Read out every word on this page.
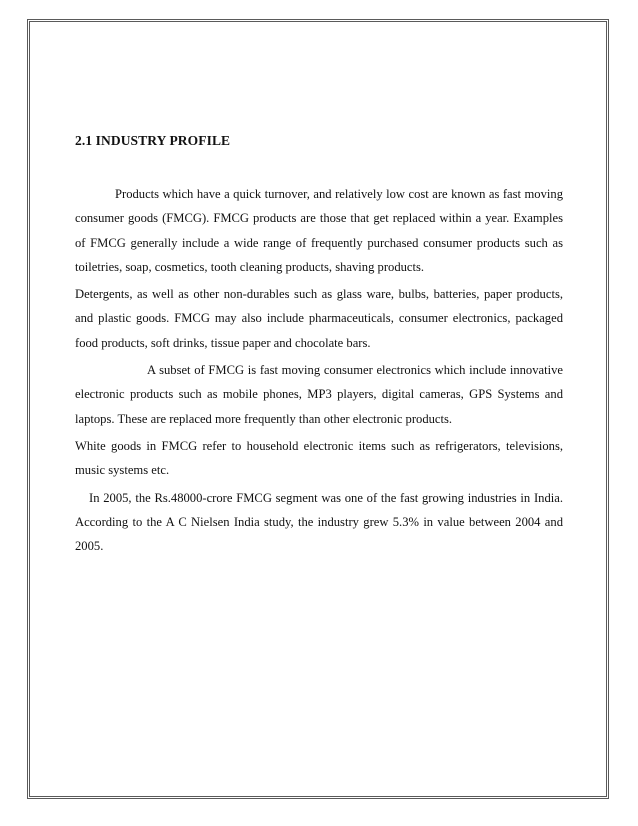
2.1 INDUSTRY PROFILE

Products which have a quick turnover, and relatively low cost are known as fast moving consumer goods (FMCG). FMCG products are those that get replaced within a year. Examples of FMCG generally include a wide range of frequently purchased consumer products such as toiletries, soap, cosmetics, tooth cleaning products, shaving products.

Detergents, as well as other non-durables such as glass ware, bulbs, batteries, paper products, and plastic goods. FMCG may also include pharmaceuticals, consumer electronics, packaged food products, soft drinks, tissue paper and chocolate bars.

A subset of FMCG is fast moving consumer electronics which include innovative electronic products such as mobile phones, MP3 players, digital cameras, GPS Systems and laptops. These are replaced more frequently than other electronic products.

White goods in FMCG refer to household electronic items such as refrigerators, televisions, music systems etc.

In 2005, the Rs.48000-crore FMCG segment was one of the fast growing industries in India. According to the A C Nielsen India study, the industry grew 5.3% in value between 2004 and 2005.
